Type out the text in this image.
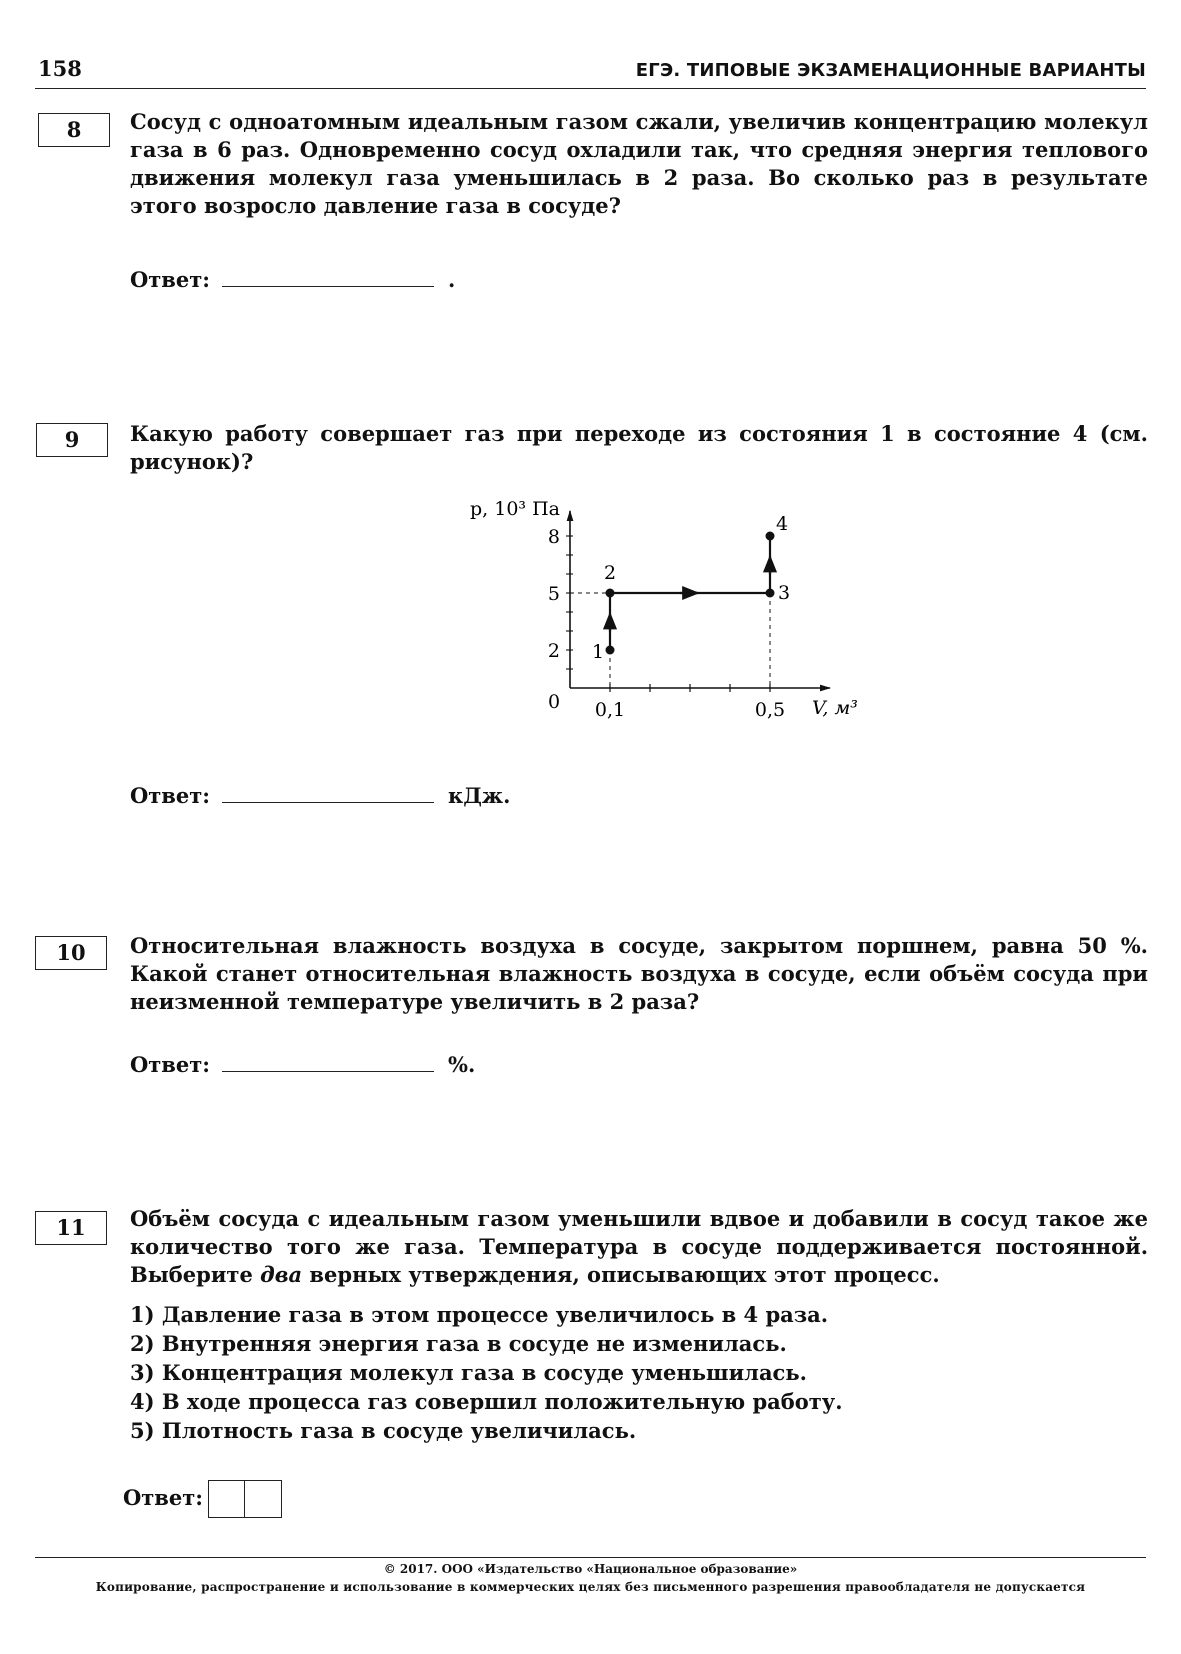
158	ЕГЭ. ТИПОВЫЕ ЭКЗАМЕНАЦИОННЫЕ ВАРИАНТЫ
8	Сосуд с одноатомным идеальным газом сжали, увеличив концентрацию молекул газа в 6 раз. Одновременно сосуд охладили так, что средняя энергия теплового движения молекул газа уменьшилась в 2 раза. Во сколько раз в результате этого возросло давление газа в сосуде?
Ответ:	.
9	Какую работу совершает газ при переходе из состояния 1 в состояние 4 (см. рисунок)?
1
2
3
4
2
5
8
0 0,1	0,5 V, м³
p, 10³ Па
Ответ:	кДж.
10	Относительная влажность воздуха в сосуде, закрытом поршнем, равна 50 %. Какой станет относительная влажность воздуха в сосуде, если объём сосуда при неизменной температуре увеличить в 2 раза?
Ответ:	%.
11	Объём сосуда с идеальным газом уменьшили вдвое и добавили в сосуд такое же количество того же газа. Температура в сосуде поддерживается постоянной. Выберите два верных утверждения, описывающих этот процесс.
1) Давление газа в этом процессе увеличилось в 4 раза.
2) Внутренняя энергия газа в сосуде не изменилась.
3) Концентрация молекул газа в сосуде уменьшилась.
4) В ходе процесса газ совершил положительную работу.
5) Плотность газа в сосуде увеличилась.
Ответ:
© 2017. ООО «Издательство «Национальное образование»
Копирование, распространение и использование в коммерческих целях без письменного разрешения правообладателя не допускается
